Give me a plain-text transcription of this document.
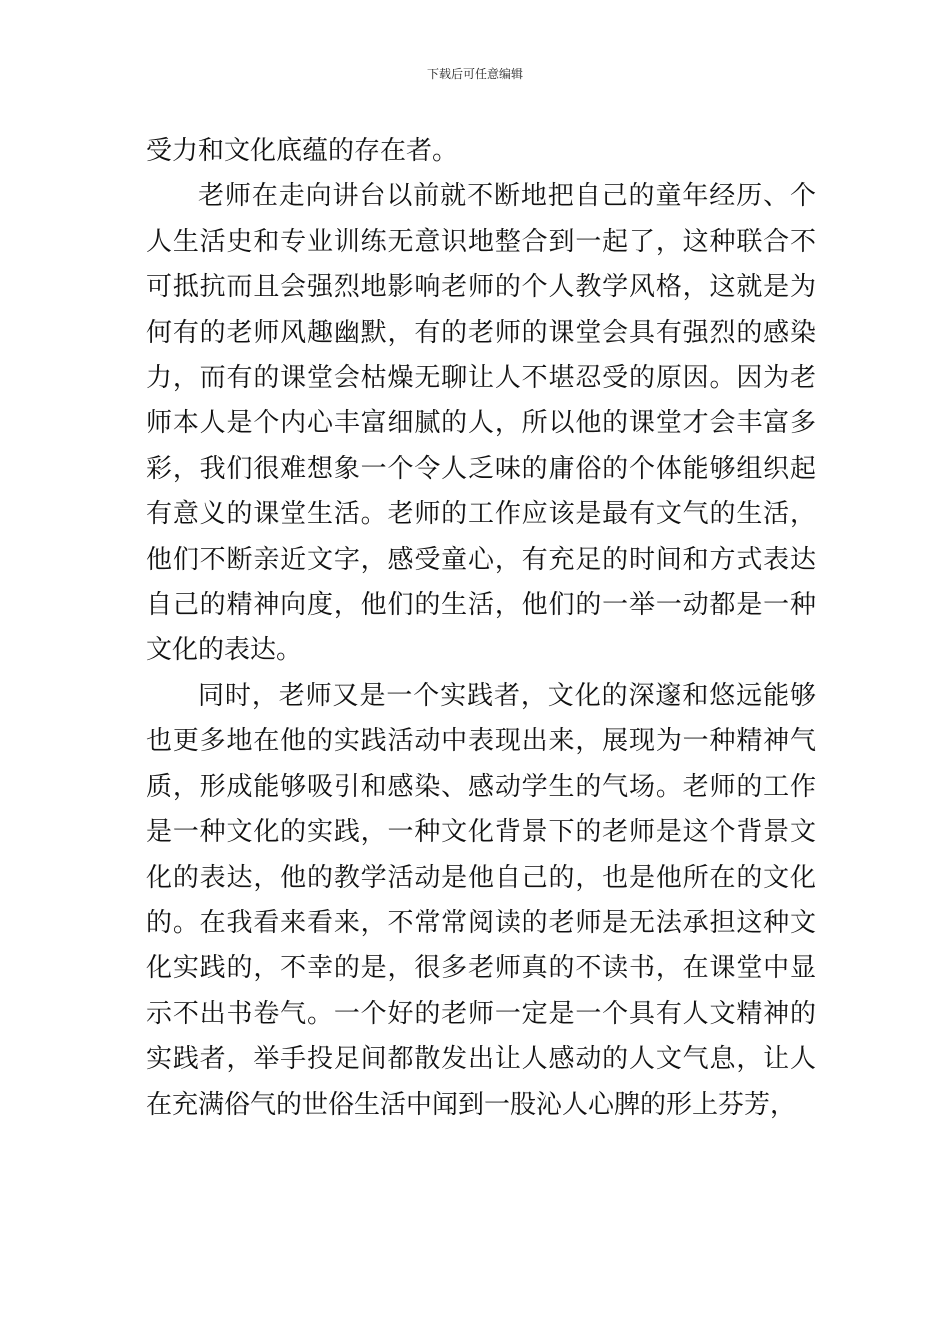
下载后可任意编辑

受力和文化底蕴的存在者。

老师在走向讲台以前就不断地把自己的童年经历、个人生活史和专业训练无意识地整合到一起了，这种联合不可抵抗而且会强烈地影响老师的个人教学风格，这就是为何有的老师风趣幽默，有的老师的课堂会具有强烈的感染力，而有的课堂会枯燥无聊让人不堪忍受的原因。因为老师本人是个内心丰富细腻的人，所以他的课堂才会丰富多彩，我们很难想象一个令人乏味的庸俗的个体能够组织起有意义的课堂生活。老师的工作应该是最有文气的生活，他们不断亲近文字，感受童心，有充足的时间和方式表达自己的精神向度，他们的生活，他们的一举一动都是一种文化的表达。

同时，老师又是一个实践者，文化的深邃和悠远能够也更多地在他的实践活动中表现出来，展现为一种精神气质，形成能够吸引和感染、感动学生的气场。老师的工作是一种文化的实践，一种文化背景下的老师是这个背景文化的表达，他的教学活动是他自己的，也是他所在的文化的。在我看来看来，不常常阅读的老师是无法承担这种文化实践的，不幸的是，很多老师真的不读书，在课堂中显示不出书卷气。一个好的老师一定是一个具有人文精神的实践者，举手投足间都散发出让人感动的人文气息，让人在充满俗气的世俗生活中闻到一股沁人心脾的形上芬芳，
